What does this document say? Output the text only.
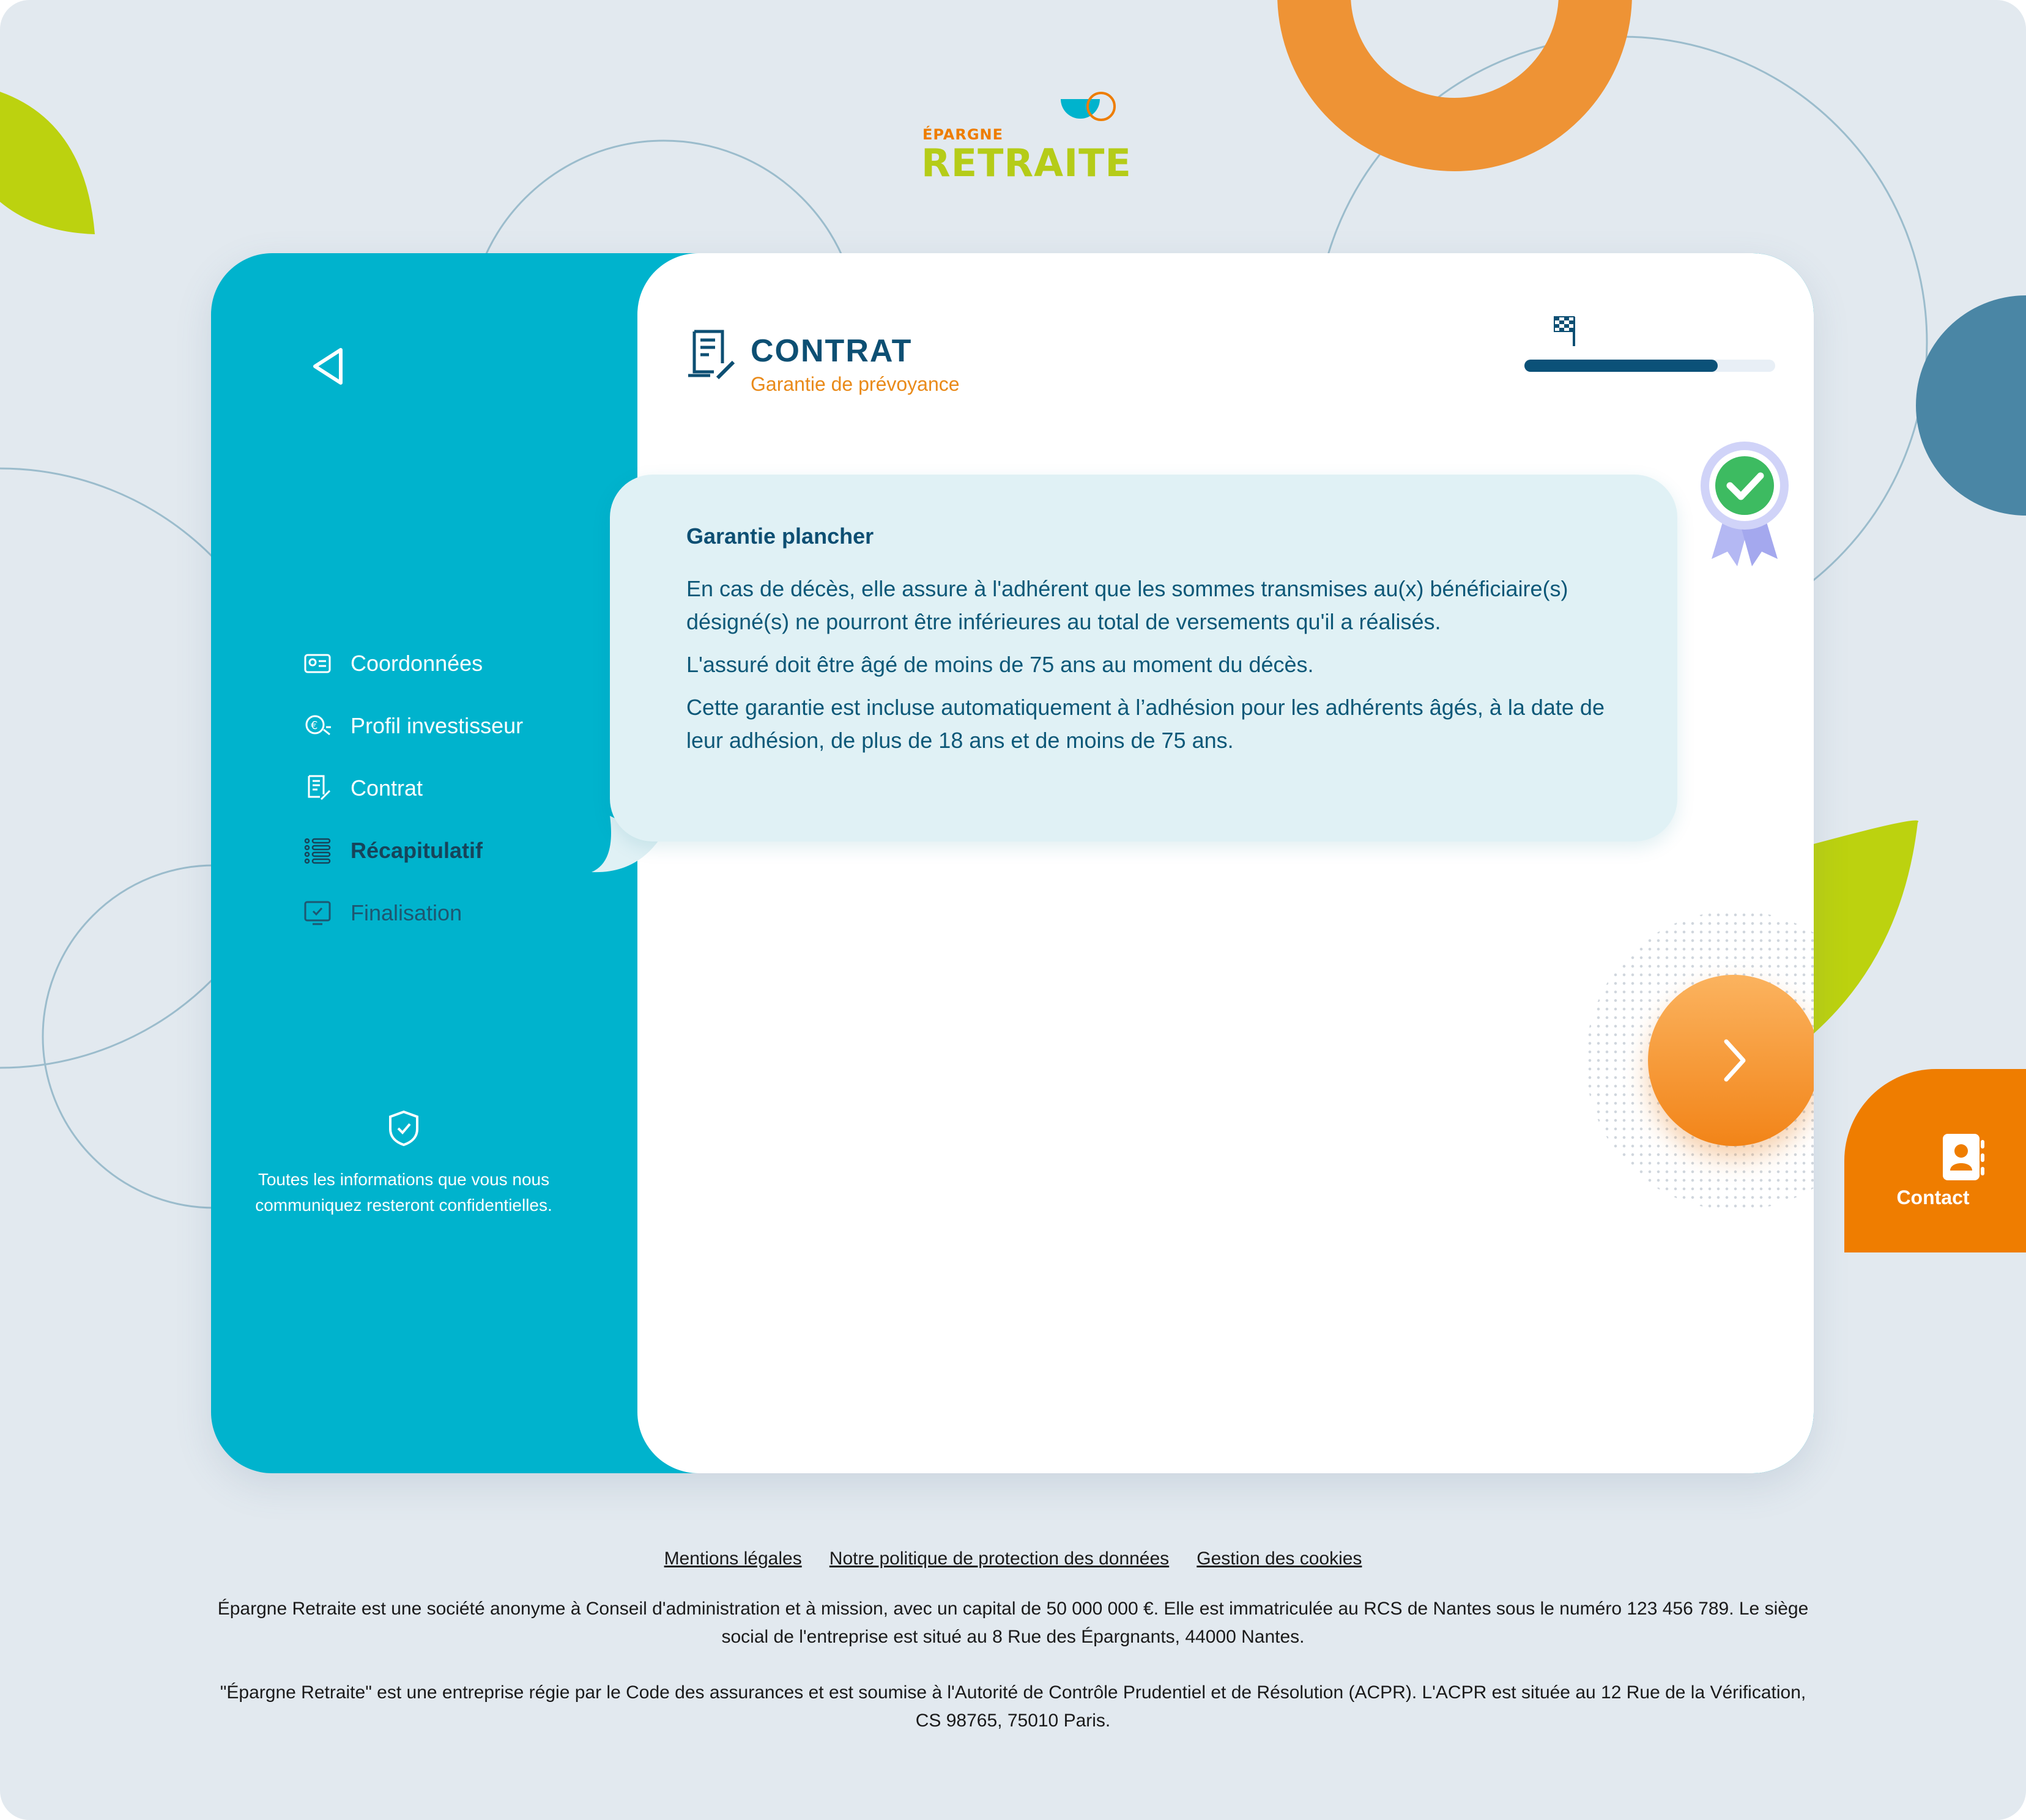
ÉPARGNE
RETRAITE
Coordonnées
€ Profil investisseur
Contrat
Récapitulatif
Finalisation
Toutes les informations que vous nous communiquez resteront confidentielles.
CONTRAT
Garantie de prévoyance
Garantie plancher

En cas de décès, elle assure à l'adhérent que les sommes transmises au(x) bénéficiaire(s) désigné(s) ne pourront être inférieures au total de versements qu'il a réalisés.

L'assuré doit être âgé de moins de 75 ans au moment du décès.

Cette garantie est incluse automatiquement à l’adhésion pour les adhérents âgés, à la date de leur adhésion, de plus de 18 ans et de moins de 75 ans.

Contact
Mentions légales Notre politique de protection des données Gestion des cookies
Épargne Retraite est une société anonyme à Conseil d'administration et à mission, avec un capital de 50 000 000 €. Elle est immatriculée au RCS de Nantes sous le numéro 123 456 789. Le siège social de l'entreprise est situé au 8 Rue des Épargnants, 44000 Nantes.
"Épargne Retraite" est une entreprise régie par le Code des assurances et est soumise à l'Autorité de Contrôle Prudentiel et de Résolution (ACPR). L'ACPR est située au 12 Rue de la Vérification, CS 98765, 75010 Paris.
